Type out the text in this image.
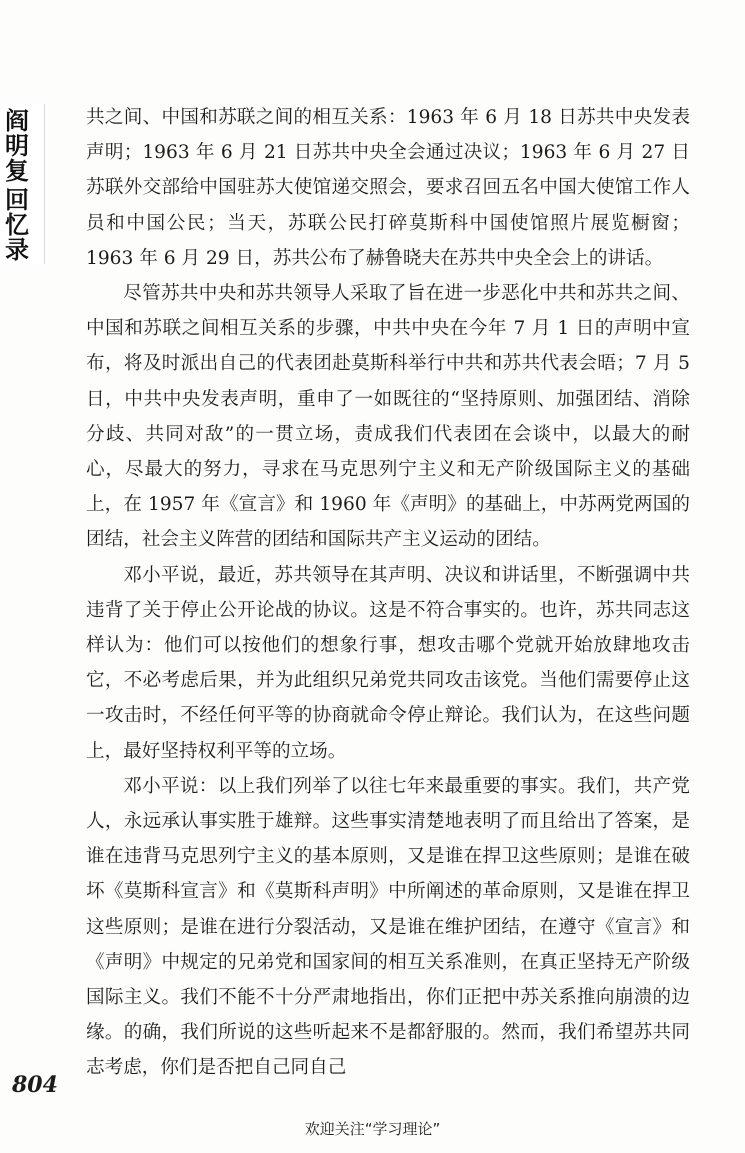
阎
明
复
回
忆
录

共之间、中国和苏联之间的相互关系：1963 年 6 月 18 日苏共中央发表声明；1963 年 6 月 21 日苏共中央全会通过决议；1963 年 6 月 27 日苏联外交部给中国驻苏大使馆递交照会，要求召回五名中国大使馆工作人员和中国公民；当天，苏联公民打碎莫斯科中国使馆照片展览橱窗；1963 年 6 月 29 日，苏共公布了赫鲁晓夫在苏共中央全会上的讲话。

尽管苏共中央和苏共领导人采取了旨在进一步恶化中共和苏共之间、中国和苏联之间相互关系的步骤，中共中央在今年 7 月 1 日的声明中宣布，将及时派出自己的代表团赴莫斯科举行中共和苏共代表会晤；7 月 5 日，中共中央发表声明，重申了一如既往的“坚持原则、加强团结、消除分歧、共同对敌”的一贯立场，责成我们代表团在会谈中，以最大的耐心，尽最大的努力，寻求在马克思列宁主义和无产阶级国际主义的基础上，在 1957 年《宣言》和 1960 年《声明》的基础上，中苏两党两国的团结，社会主义阵营的团结和国际共产主义运动的团结。

邓小平说，最近，苏共领导在其声明、决议和讲话里，不断强调中共违背了关于停止公开论战的协议。这是不符合事实的。也许，苏共同志这样认为：他们可以按他们的想象行事，想攻击哪个党就开始放肆地攻击它，不必考虑后果，并为此组织兄弟党共同攻击该党。当他们需要停止这一攻击时，不经任何平等的协商就命令停止辩论。我们认为，在这些问题上，最好坚持权利平等的立场。

邓小平说：以上我们列举了以往七年来最重要的事实。我们，共产党人，永远承认事实胜于雄辩。这些事实清楚地表明了而且给出了答案，是谁在违背马克思列宁主义的基本原则，又是谁在捍卫这些原则；是谁在破坏《莫斯科宣言》和《莫斯科声明》中所阐述的革命原则，又是谁在捍卫这些原则；是谁在进行分裂活动，又是谁在维护团结，在遵守《宣言》和《声明》中规定的兄弟党和国家间的相互关系准则，在真正坚持无产阶级国际主义。我们不能不十分严肃地指出，你们正把中苏关系推向崩溃的边缘。的确，我们所说的这些听起来不是都舒服的。然而，我们希望苏共同志考虑，你们是否把自己同自己

804
欢迎关注“学习理论”
